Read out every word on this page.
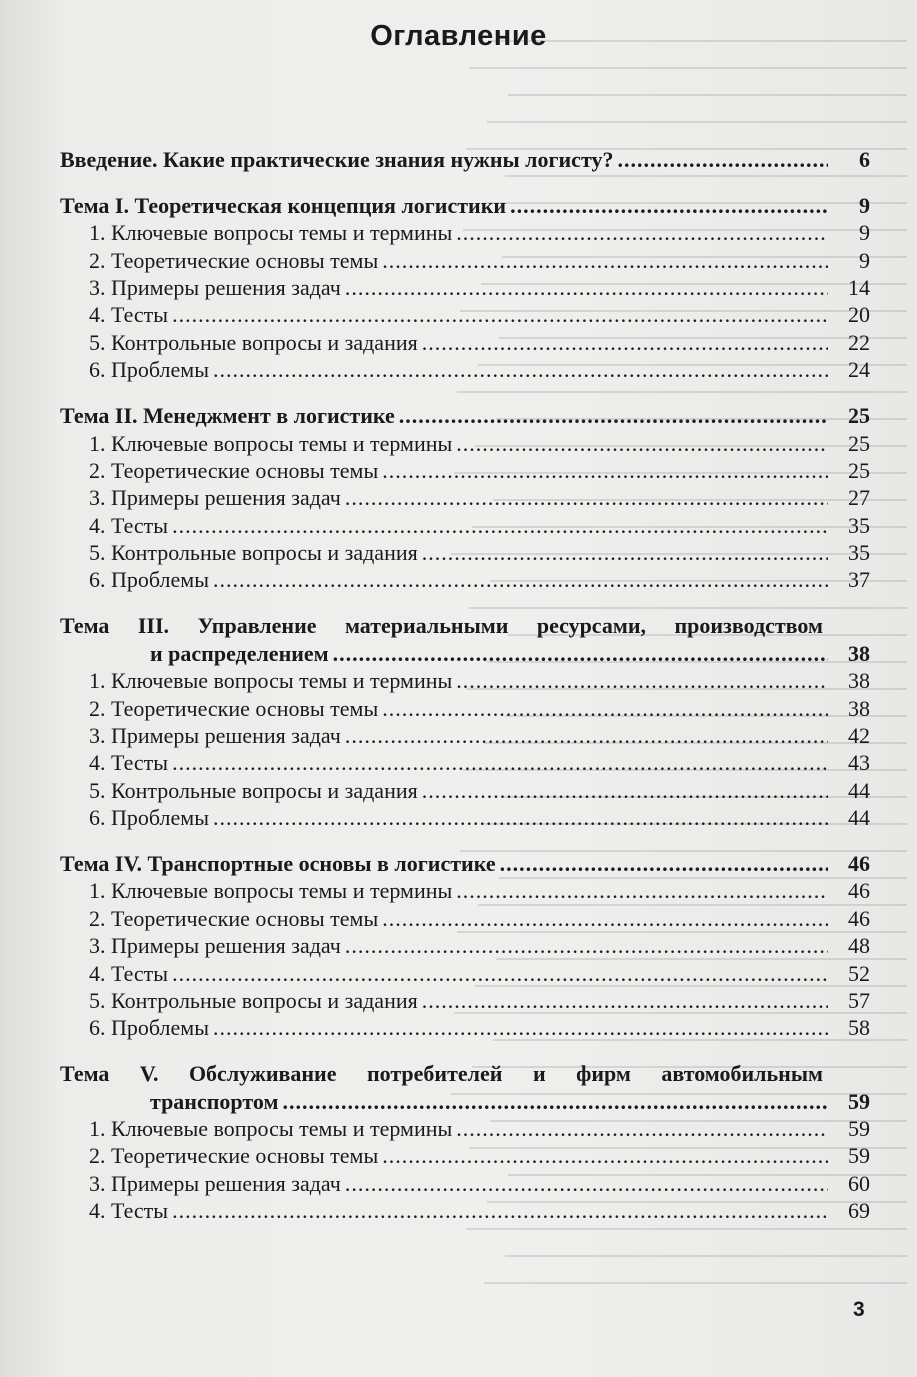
Оглавление
Введение. Какие практические знания нужны логисту? .....	6
Тема I. Теоретическая концепция логистики .....	9
1. Ключевые вопросы темы и термины .....	9
2. Теоретические основы темы .....	9
3. Примеры решения задач .....	14
4. Тесты .....	20
5. Контрольные вопросы и задания .....	22
6. Проблемы .....	24
Тема II. Менеджмент в логистике .....	25
1. Ключевые вопросы темы и термины .....	25
2. Теоретические основы темы .....	25
3. Примеры решения задач .....	27
4. Тесты .....	35
5. Контрольные вопросы и задания .....	35
6. Проблемы .....	37
Тема III. Управление материальными ресурсами, производством
и распределением .....	38
1. Ключевые вопросы темы и термины .....	38
2. Теоретические основы темы .....	38
3. Примеры решения задач .....	42
4. Тесты .....	43
5. Контрольные вопросы и задания .....	44
6. Проблемы .....	44
Тема IV. Транспортные основы в логистике .....	46
1. Ключевые вопросы темы и термины .....	46
2. Теоретические основы темы .....	46
3. Примеры решения задач .....	48
4. Тесты .....	52
5. Контрольные вопросы и задания .....	57
6. Проблемы .....	58
Тема V. Обслуживание потребителей и фирм автомобильным
транспортом .....	59
1. Ключевые вопросы темы и термины .....	59
2. Теоретические основы темы .....	59
3. Примеры решения задач .....	60
4. Тесты .....	69
3
